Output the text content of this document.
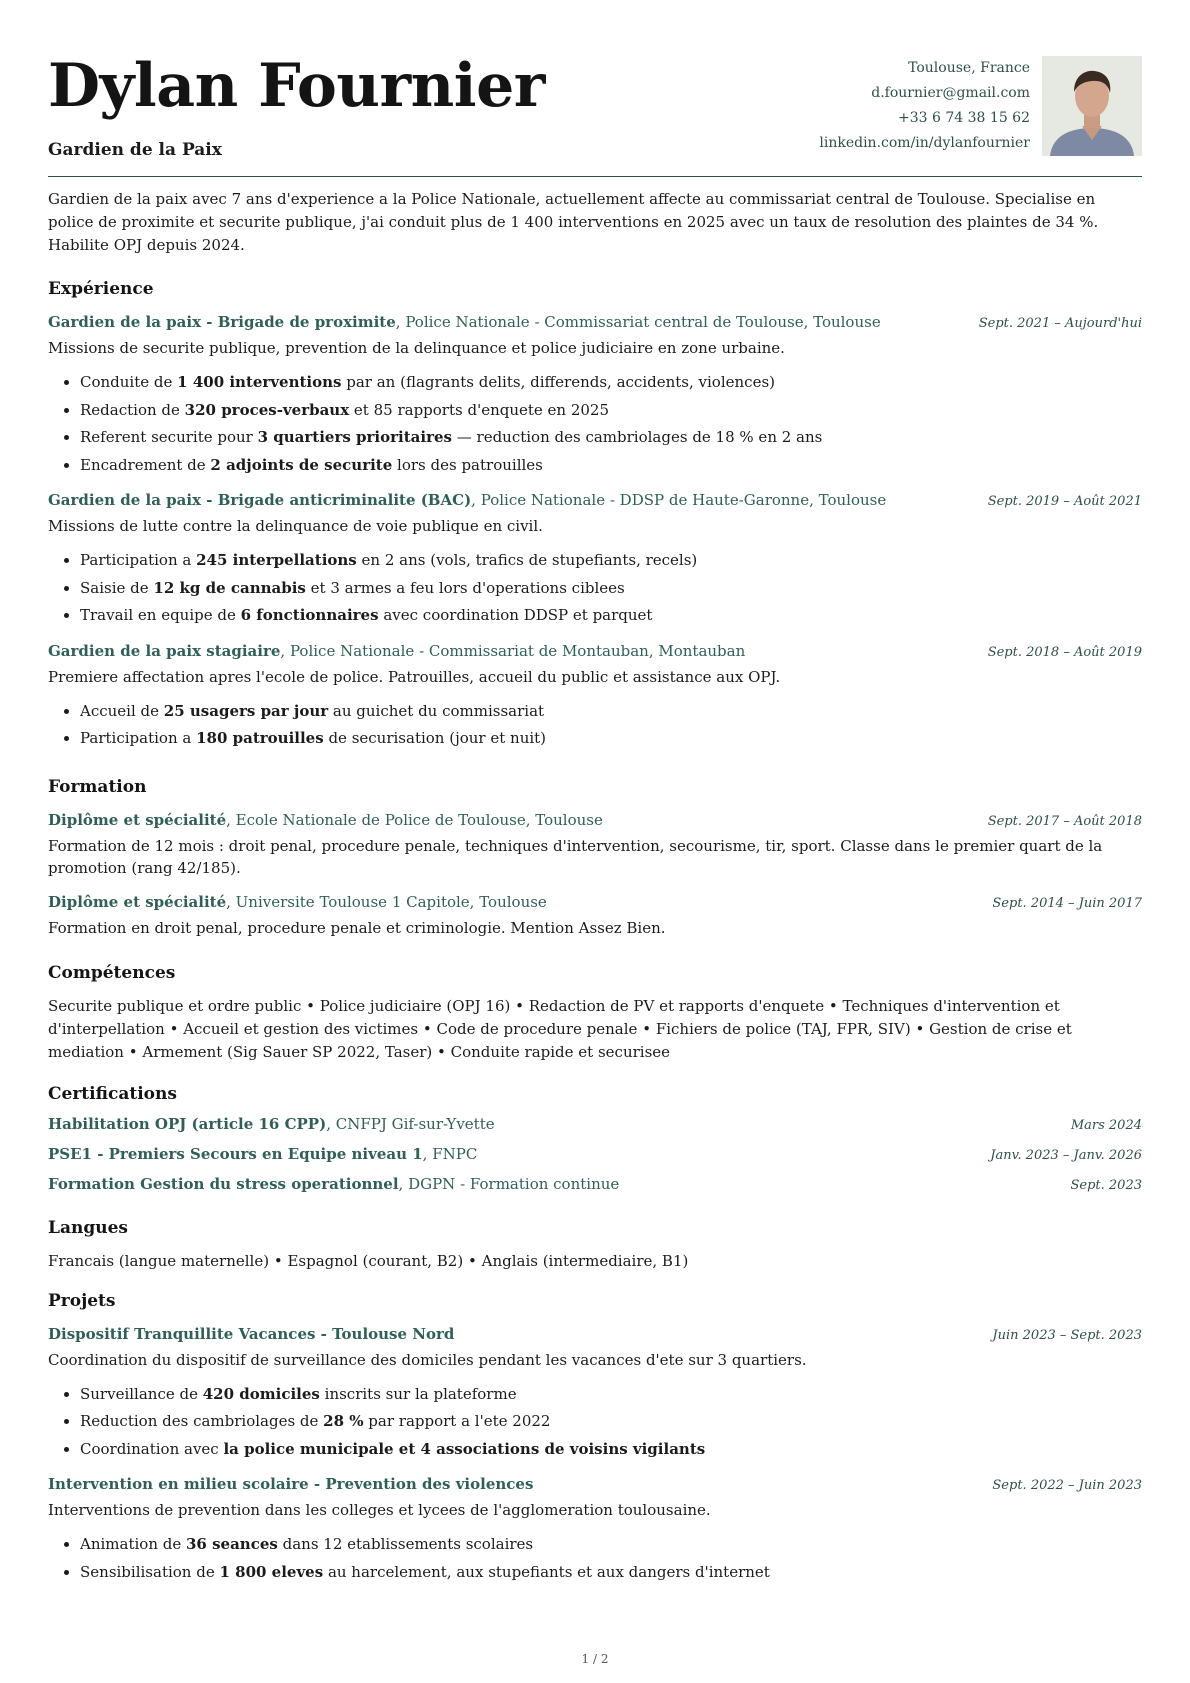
Dylan Fournier
Gardien de la Paix
Toulouse, France
d.fournier@gmail.com
+33 6 74 38 15 62
linkedin.com/in/dylanfournier

Gardien de la paix avec 7 ans d'experience a la Police Nationale, actuellement affecte au commissariat central de Toulouse. Specialise en police de proximite et securite publique, j'ai conduit plus de 1 400 interventions en 2025 avec un taux de resolution des plaintes de 34 %. Habilite OPJ depuis 2024.

Expérience
Gardien de la paix - Brigade de proximite, Police Nationale - Commissariat central de Toulouse, Toulouse	Sept. 2021 – Aujourd'hui

Missions de securite publique, prevention de la delinquance et police judiciaire en zone urbaine.

• Conduite de 1 400 interventions par an (flagrants delits, differends, accidents, violences)
• Redaction de 320 proces-verbaux et 85 rapports d'enquete en 2025
• Referent securite pour 3 quartiers prioritaires — reduction des cambriolages de 18 % en 2 ans
• Encadrement de 2 adjoints de securite lors des patrouilles
Gardien de la paix - Brigade anticriminalite (BAC), Police Nationale - DDSP de Haute-Garonne, Toulouse	Sept. 2019 – Août 2021

Missions de lutte contre la delinquance de voie publique en civil.

• Participation a 245 interpellations en 2 ans (vols, trafics de stupefiants, recels)
• Saisie de 12 kg de cannabis et 3 armes a feu lors d'operations ciblees
• Travail en equipe de 6 fonctionnaires avec coordination DDSP et parquet
Gardien de la paix stagiaire, Police Nationale - Commissariat de Montauban, Montauban	Sept. 2018 – Août 2019

Premiere affectation apres l'ecole de police. Patrouilles, accueil du public et assistance aux OPJ.

• Accueil de 25 usagers par jour au guichet du commissariat
• Participation a 180 patrouilles de securisation (jour et nuit)
Formation
Diplôme et spécialité, Ecole Nationale de Police de Toulouse, Toulouse	Sept. 2017 – Août 2018

Formation de 12 mois : droit penal, procedure penale, techniques d'intervention, secourisme, tir, sport. Classe dans le premier quart de la promotion (rang 42/185).

Diplôme et spécialité, Universite Toulouse 1 Capitole, Toulouse	Sept. 2014 – Juin 2017

Formation en droit penal, procedure penale et criminologie. Mention Assez Bien.

Compétences
Securite publique et ordre public • Police judiciaire (OPJ 16) • Redaction de PV et rapports d'enquete • Techniques d'intervention et d'interpellation • Accueil et gestion des victimes • Code de procedure penale • Fichiers de police (TAJ, FPR, SIV) • Gestion de crise et mediation • Armement (Sig Sauer SP 2022, Taser) • Conduite rapide et securisee
Certifications
Habilitation OPJ (article 16 CPP), CNFPJ Gif-sur-Yvette	Mars 2024
PSE1 - Premiers Secours en Equipe niveau 1, FNPC	Janv. 2023 – Janv. 2026
Formation Gestion du stress operationnel, DGPN - Formation continue	Sept. 2023
Langues
Francais (langue maternelle) • Espagnol (courant, B2) • Anglais (intermediaire, B1)
Projets
Dispositif Tranquillite Vacances - Toulouse Nord	Juin 2023 – Sept. 2023

Coordination du dispositif de surveillance des domiciles pendant les vacances d'ete sur 3 quartiers.

• Surveillance de 420 domiciles inscrits sur la plateforme
• Reduction des cambriolages de 28 % par rapport a l'ete 2022
• Coordination avec la police municipale et 4 associations de voisins vigilants
Intervention en milieu scolaire - Prevention des violences	Sept. 2022 – Juin 2023

Interventions de prevention dans les colleges et lycees de l'agglomeration toulousaine.

• Animation de 36 seances dans 12 etablissements scolaires
• Sensibilisation de 1 800 eleves au harcelement, aux stupefiants et aux dangers d'internet
1 / 2
